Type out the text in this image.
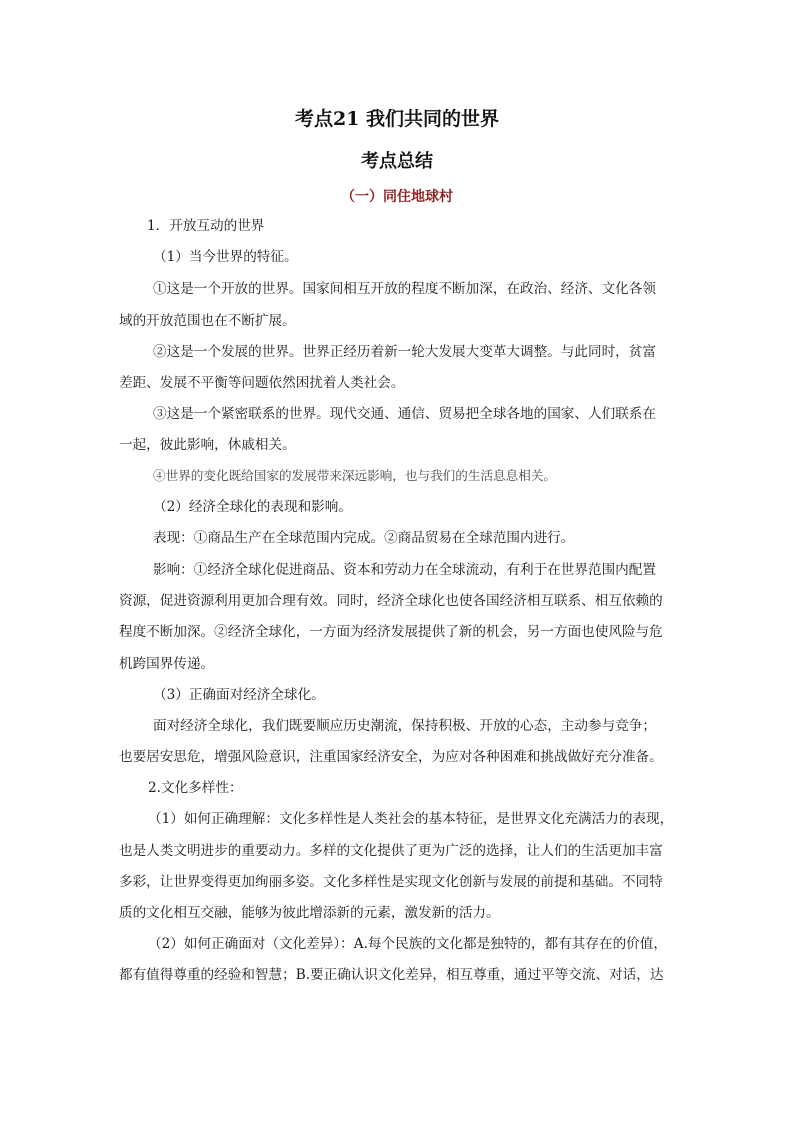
考点21 我们共同的世界
考点总结
（一）同住地球村
1．开放互动的世界
（1）当今世界的特征。
①这是一个开放的世界。国家间相互开放的程度不断加深，在政治、经济、文化各领
域的开放范围也在不断扩展。
②这是一个发展的世界。世界正经历着新一轮大发展大变革大调整。与此同时，贫富
差距、发展不平衡等问题依然困扰着人类社会。
③这是一个紧密联系的世界。现代交通、通信、贸易把全球各地的国家、人们联系在
一起，彼此影响，休戚相关。
④世界的变化既给国家的发展带来深远影响，也与我们的生活息息相关。
（2）经济全球化的表现和影响。
表现：①商品生产在全球范围内完成。②商品贸易在全球范围内进行。
影响：①经济全球化促进商品、资本和劳动力在全球流动，有利于在世界范围内配置
资源，促进资源利用更加合理有效。同时，经济全球化也使各国经济相互联系、相互依赖的
程度不断加深。②经济全球化，一方面为经济发展提供了新的机会，另一方面也使风险与危
机跨国界传递。
（3）正确面对经济全球化。
面对经济全球化，我们既要顺应历史潮流，保持积极、开放的心态，主动参与竞争；
也要居安思危，增强风险意识，注重国家经济安全，为应对各种困难和挑战做好充分准备。
2.文化多样性：
（1）如何正确理解：文化多样性是人类社会的基本特征，是世界文化充满活力的表现，
也是人类文明进步的重要动力。多样的文化提供了更为广泛的选择，让人们的生活更加丰富
多彩，让世界变得更加绚丽多姿。文化多样性是实现文化创新与发展的前提和基础。不同特
质的文化相互交融，能够为彼此增添新的元素，激发新的活力。
（2）如何正确面对（文化差异）：A.每个民族的文化都是独特的，都有其存在的价值，
都有值得尊重的经验和智慧；B.要正确认识文化差异，相互尊重，通过平等交流、对话，达
